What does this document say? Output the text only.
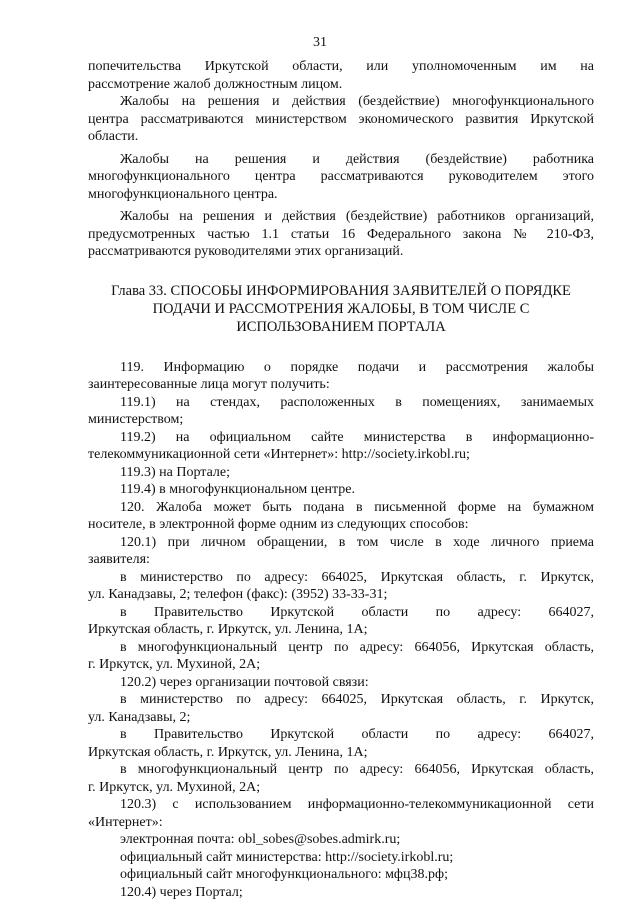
31

попечительства Иркутской области, или уполномоченным им на
рассмотрение жалоб должностным лицом.

Жалобы на решения и действия (бездействие) многофункционального
центра рассматриваются министерством экономического развития Иркутской
области.

Жалобы на решения и действия (бездействие) работника
многофункционального центра рассматриваются руководителем этого
многофункционального центра.

Жалобы на решения и действия (бездействие) работников организаций,
предусмотренных частью 1.1 статьи 16 Федерального закона № 210-ФЗ,
рассматриваются руководителями этих организаций.

Глава 33. СПОСОБЫ ИНФОРМИРОВАНИЯ ЗАЯВИТЕЛЕЙ О ПОРЯДКЕ
ПОДАЧИ И РАССМОТРЕНИЯ ЖАЛОБЫ, В ТОМ ЧИСЛЕ С
ИСПОЛЬЗОВАНИЕМ ПОРТАЛА

119. Информацию о порядке подачи и рассмотрения жалобы
заинтересованные лица могут получить:

119.1) на стендах, расположенных в помещениях, занимаемых
министерством;

119.2) на официальном сайте министерства в информационно-
телекоммуникационной сети «Интернет»: http://society.irkobl.ru;

119.3) на Портале;

119.4) в многофункциональном центре.

120. Жалоба может быть подана в письменной форме на бумажном
носителе, в электронной форме одним из следующих способов:

120.1) при личном обращении, в том числе в ходе личного приема
заявителя:

в министерство по адресу: 664025, Иркутская область, г. Иркутск,
ул. Канадзавы, 2; телефон (факс): (3952) 33-33-31;

в Правительство Иркутской области по адресу: 664027,
Иркутская область, г. Иркутск, ул. Ленина, 1А;

в многофункциональный центр по адресу: 664056, Иркутская область,
г. Иркутск, ул. Мухиной, 2А;

120.2) через организации почтовой связи:

в министерство по адресу: 664025, Иркутская область, г. Иркутск,
ул. Канадзавы, 2;

в Правительство Иркутской области по адресу: 664027,
Иркутская область, г. Иркутск, ул. Ленина, 1А;

в многофункциональный центр по адресу: 664056, Иркутская область,
г. Иркутск, ул. Мухиной, 2А;

120.3) с использованием информационно-телекоммуникационной сети
«Интернет»:

электронная почта: obl_sobes@sobes.admirk.ru;

официальный сайт министерства: http://society.irkobl.ru;

официальный сайт многофункционального: мфц38.рф;

120.4) через Портал;
